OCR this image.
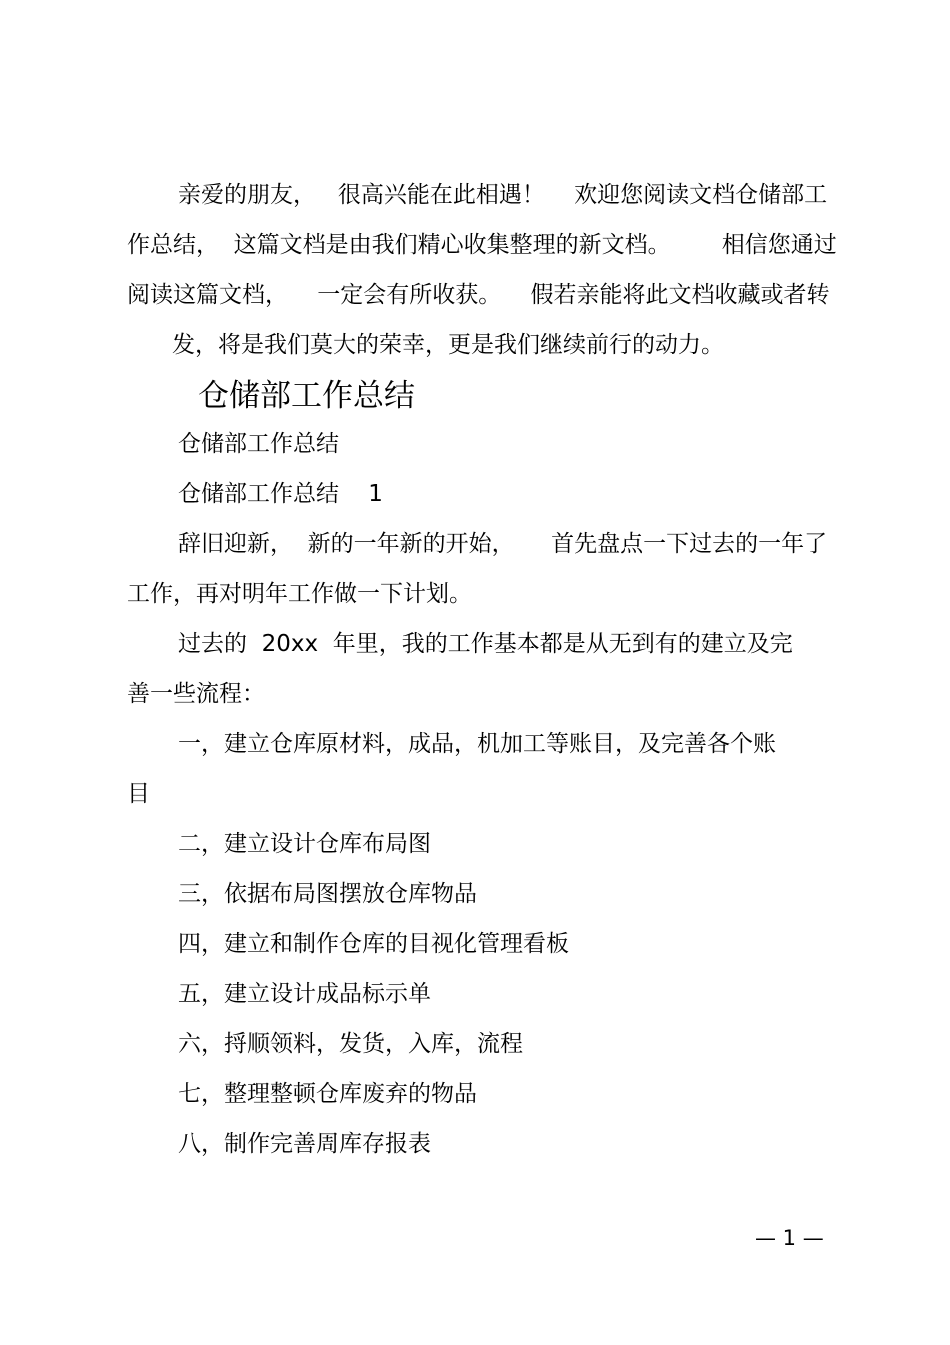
亲爱的朋友，   很高兴能在此相遇！    欢迎您阅读文档仓储部工

作总结，  这篇文档是由我们精心收集整理的新文档。       相信您通过

阅读这篇文档，    一定会有所收获。    假若亲能将此文档收藏或者转

发，将是我们莫大的荣幸，更是我们继续前行的动力。

仓储部工作总结

仓储部工作总结

仓储部工作总结    1

辞旧迎新，  新的一年新的开始，     首先盘点一下过去的一年了

工作，再对明年工作做一下计划。

过去的  20xx  年里，我的工作基本都是从无到有的建立及完

善一些流程：

一，建立仓库原材料，成品，机加工等账目，及完善各个账

目

二，建立设计仓库布局图

三，依据布局图摆放仓库物品

四，建立和制作仓库的目视化管理看板

五，建立设计成品标示单

六，捋顺领料，发货，入库，流程

七，整理整顿仓库废弃的物品

八，制作完善周库存报表

— 1 —
